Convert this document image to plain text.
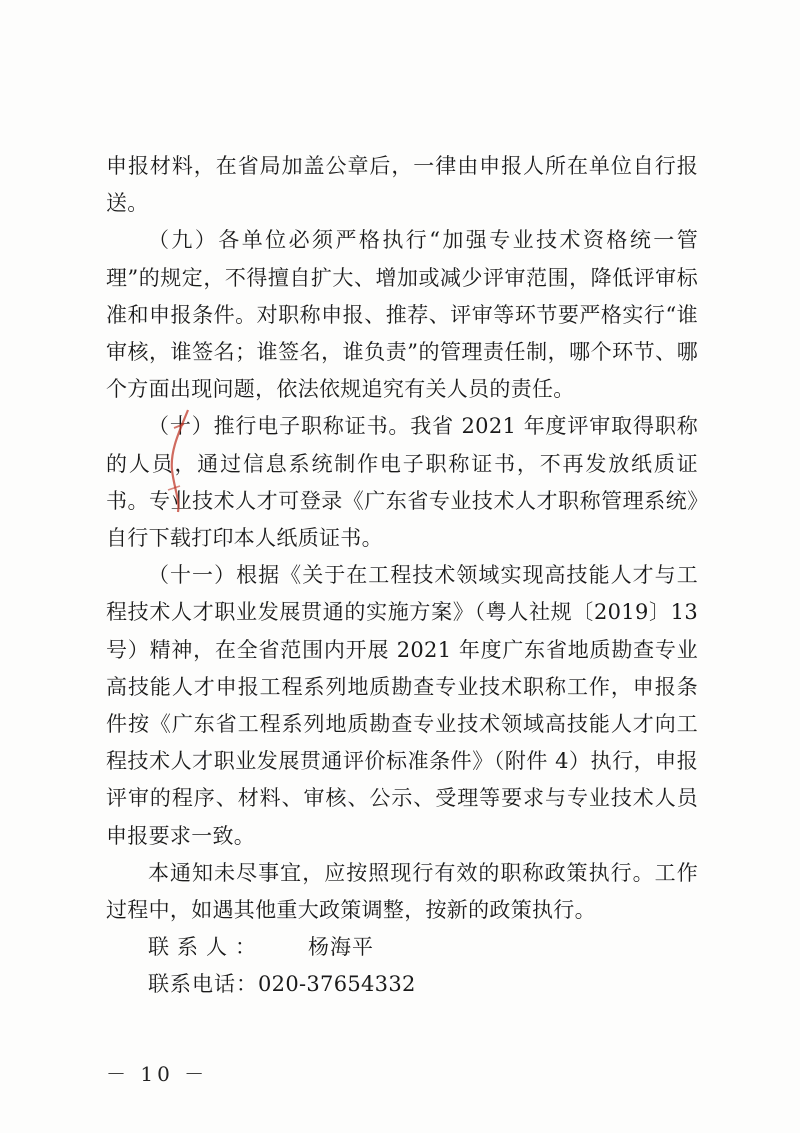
申报材料，在省局加盖公章后，一律由申报人所在单位自行报送。

（九）各单位必须严格执行“加强专业技术资格统一管理”的规定，不得擅自扩大、增加或减少评审范围，降低评审标准和申报条件。对职称申报、推荐、评审等环节要严格实行“谁审核，谁签名；谁签名，谁负责”的管理责任制，哪个环节、哪个方面出现问题，依法依规追究有关人员的责任。

（十）推行电子职称证书。我省 2021 年度评审取得职称的人员，通过信息系统制作电子职称证书，不再发放纸质证书。专业技术人才可登录《广东省专业技术人才职称管理系统》自行下载打印本人纸质证书。

（十一）根据《关于在工程技术领域实现高技能人才与工程技术人才职业发展贯通的实施方案》（粤人社规〔2019〕13 号）精神，在全省范围内开展 2021 年度广东省地质勘查专业高技能人才申报工程系列地质勘查专业技术职称工作，申报条件按《广东省工程系列地质勘查专业技术领域高技能人才向工程技术人才职业发展贯通评价标准条件》（附件 4）执行，申报评审的程序、材料、审核、公示、受理等要求与专业技术人员申报要求一致。

本通知未尽事宜，应按照现行有效的职称政策执行。工作过程中，如遇其他重大政策调整，按新的政策执行。

联系人： 杨海平

联系电话：020-37654332

－ 10 －
